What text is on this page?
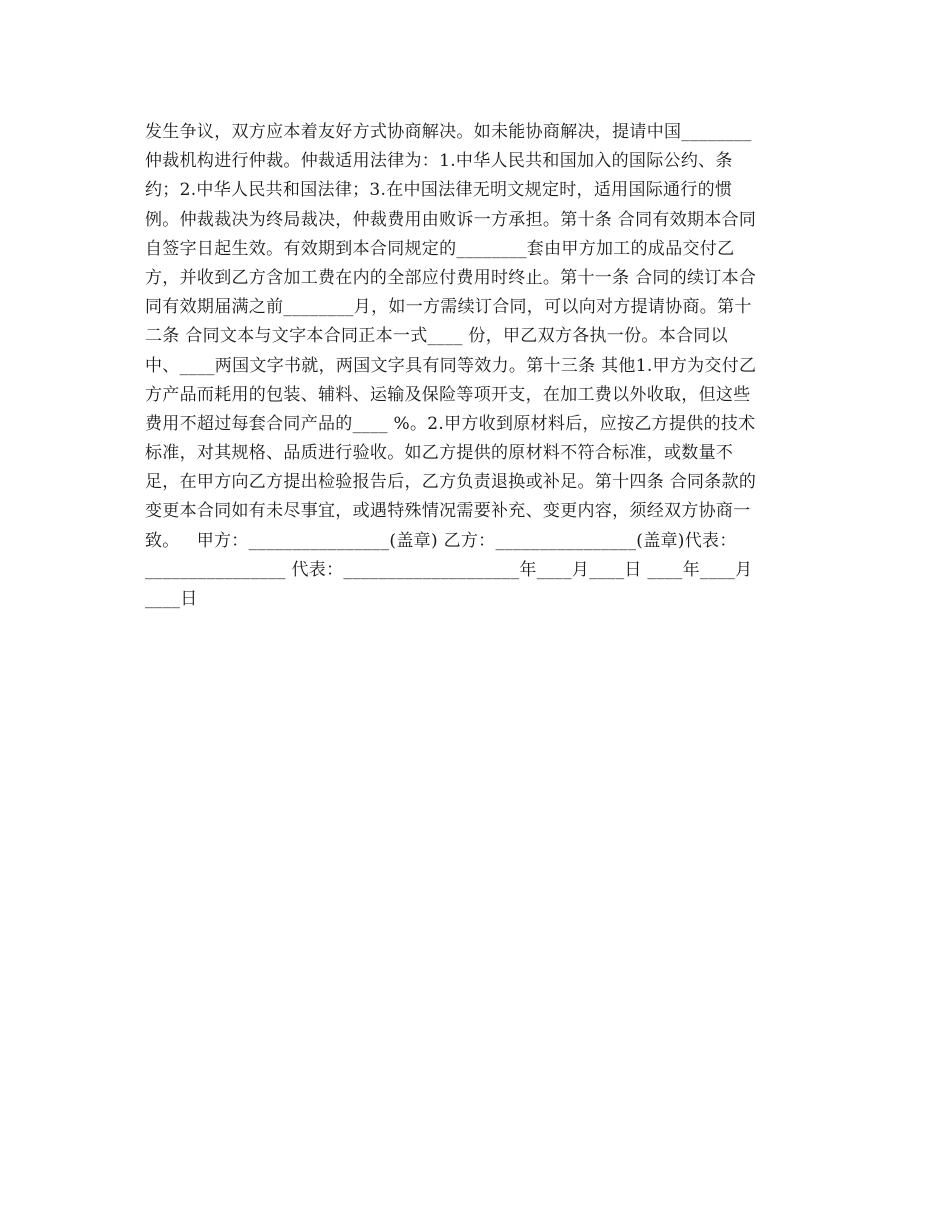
发生争议，双方应本着友好方式协商解决。如未能协商解决，提请中国________
仲裁机构进行仲裁。仲裁适用法律为：1.中华人民共和国加入的国际公约、条
约；2.中华人民共和国法律；3.在中国法律无明文规定时，适用国际通行的惯
例。仲裁裁决为终局裁决，仲裁费用由败诉一方承担。第十条 合同有效期本合同
自签字日起生效。有效期到本合同规定的________套由甲方加工的成品交付乙
方，并收到乙方含加工费在内的全部应付费用时终止。第十一条 合同的续订本合
同有效期届满之前________月，如一方需续订合同，可以向对方提请协商。第十
二条 合同文本与文字本合同正本一式____ 份，甲乙双方各执一份。本合同以
中、____两国文字书就，两国文字具有同等效力。第十三条 其他1.甲方为交付乙
方产品而耗用的包装、辅料、运输及保险等项开支，在加工费以外收取，但这些
费用不超过每套合同产品的____ %。2.甲方收到原材料后，应按乙方提供的技术
标准，对其规格、品质进行验收。如乙方提供的原材料不符合标准，或数量不
足，在甲方向乙方提出检验报告后，乙方负责退换或补足。第十四条 合同条款的
变更本合同如有未尽事宜，或遇特殊情况需要补充、变更内容，须经双方协商一
致。   甲方：________________(盖章) 乙方：________________(盖章)代表：
________________ 代表：____________________年____月____日 ____年____月
____日
